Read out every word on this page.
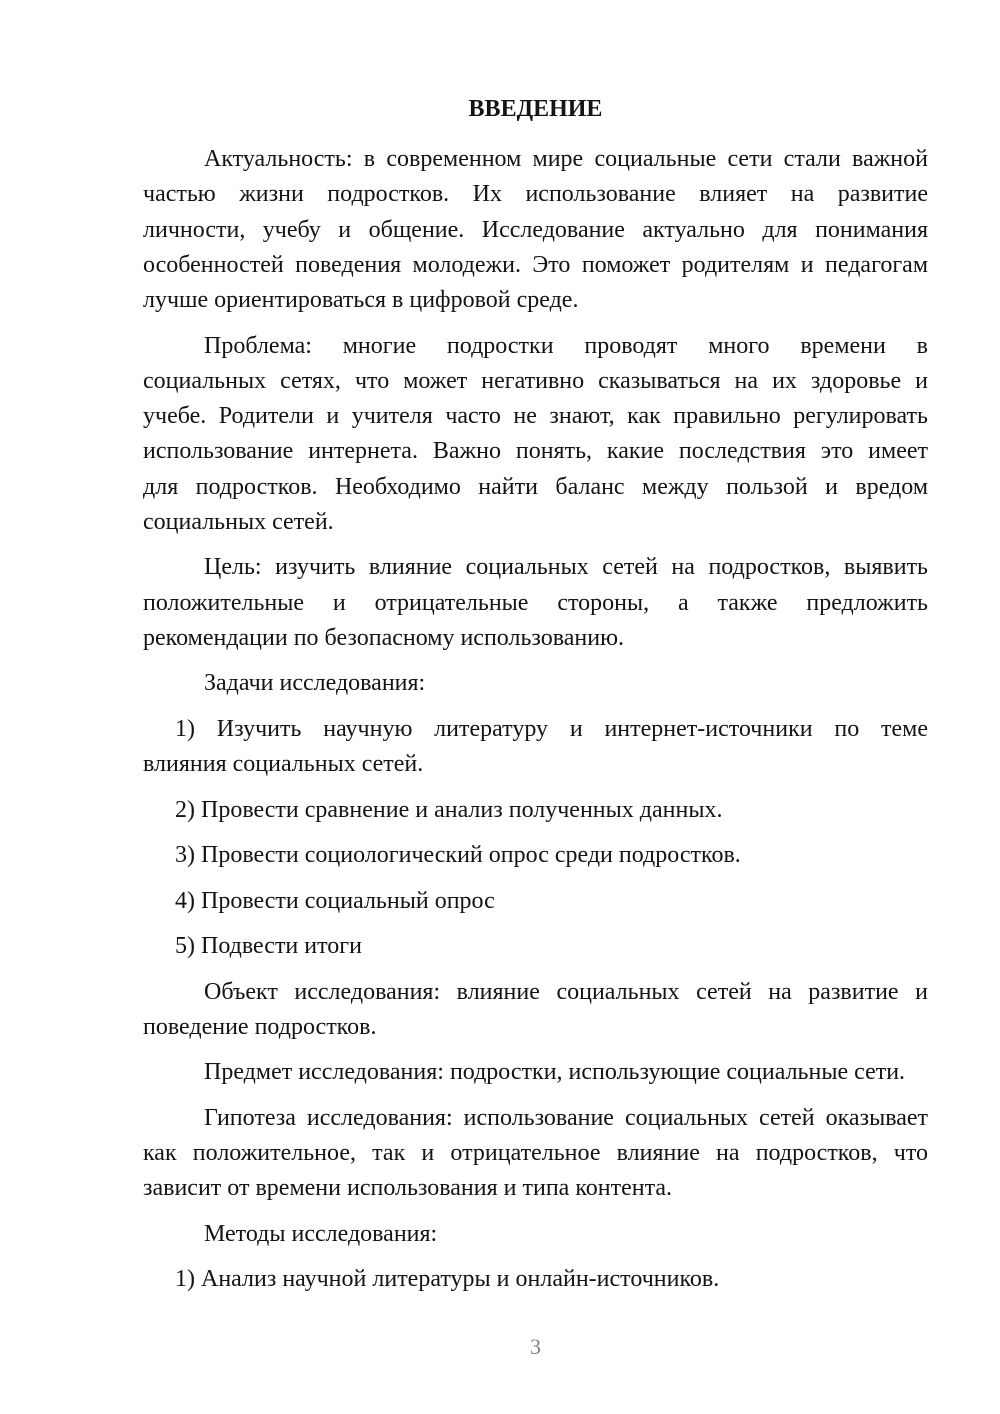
ВВЕДЕНИЕ
Актуальность: в современном мире социальные сети стали важной
частью жизни подростков. Их использование влияет на развитие
личности, учебу и общение. Исследование актуально для понимания
особенностей поведения молодежи. Это поможет родителям и педагогам
лучше ориентироваться в цифровой среде.
Проблема: многие подростки проводят много времени в
социальных сетях, что может негативно сказываться на их здоровье и
учебе. Родители и учителя часто не знают, как правильно регулировать
использование интернета. Важно понять, какие последствия это имеет
для подростков. Необходимо найти баланс между пользой и вредом
социальных сетей.
Цель: изучить влияние социальных сетей на подростков, выявить
положительные и отрицательные стороны, а также предложить
рекомендации по безопасному использованию.
Задачи исследования:
1) Изучить научную литературу и интернет-источники по теме
влияния социальных сетей.
2) Провести сравнение и анализ полученных данных.
3) Провести социологический опрос среди подростков.
4) Провести социальный опрос
5) Подвести итоги
Объект исследования: влияние социальных сетей на развитие и
поведение подростков.
Предмет исследования: подростки, использующие социальные сети.
Гипотеза исследования: использование социальных сетей оказывает
как положительное, так и отрицательное влияние на подростков, что
зависит от времени использования и типа контента.
Методы исследования:
1) Анализ научной литературы и онлайн-источников.
3
